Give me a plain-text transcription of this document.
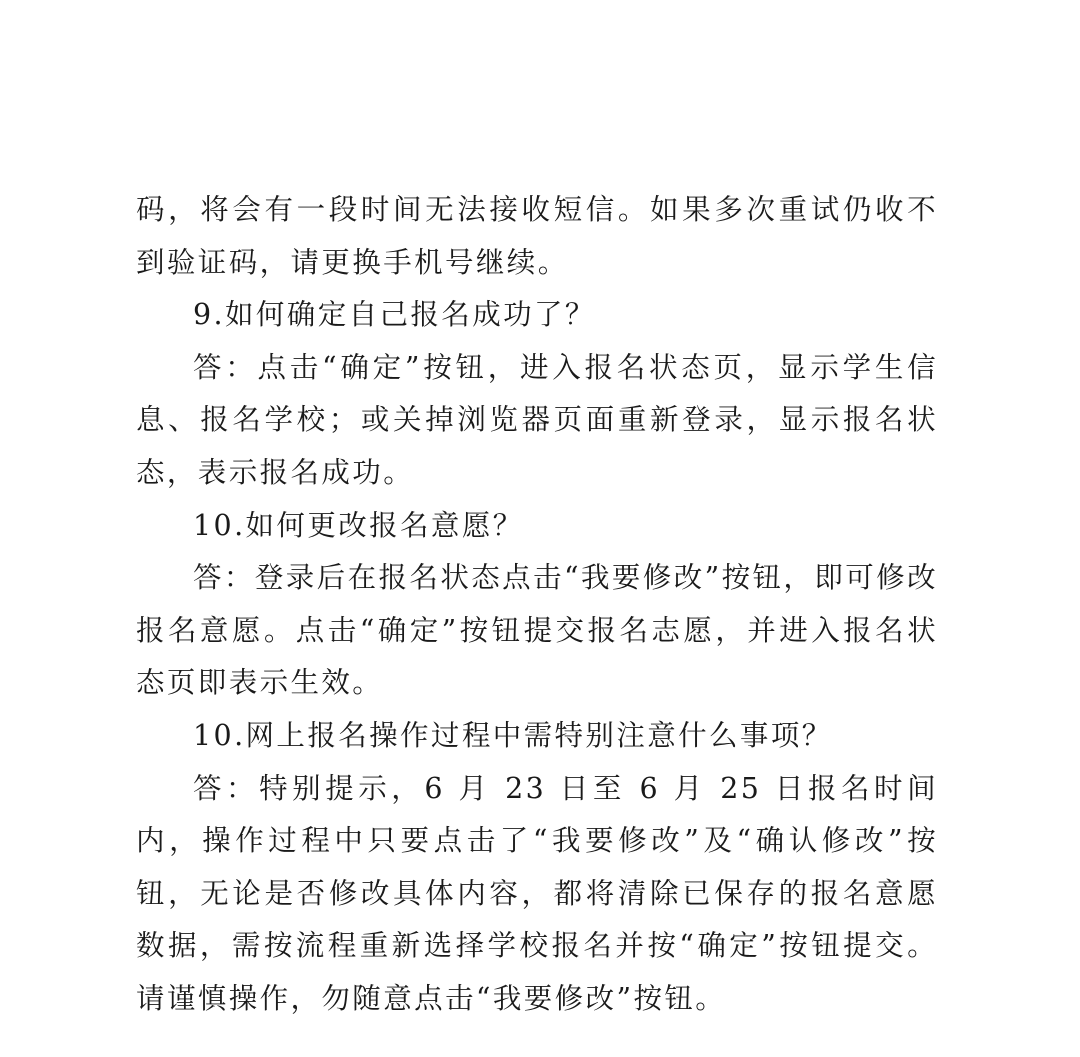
码，将会有一段时间无法接收短信。如果多次重试仍收不到验证码，请更换手机号继续。

9.如何确定自己报名成功了？

答：点击“确定”按钮，进入报名状态页，显示学生信息、报名学校；或关掉浏览器页面重新登录，显示报名状态，表示报名成功。

10.如何更改报名意愿？

答：登录后在报名状态点击“我要修改”按钮，即可修改报名意愿。点击“确定”按钮提交报名志愿，并进入报名状态页即表示生效。

10.网上报名操作过程中需特别注意什么事项？

答：特别提示，6 月 23 日至 6 月 25 日报名时间内，操作过程中只要点击了“我要修改”及“确认修改”按钮，无论是否修改具体内容，都将清除已保存的报名意愿数据，需按流程重新选择学校报名并按“确定”按钮提交。请谨慎操作，勿随意点击“我要修改”按钮。
